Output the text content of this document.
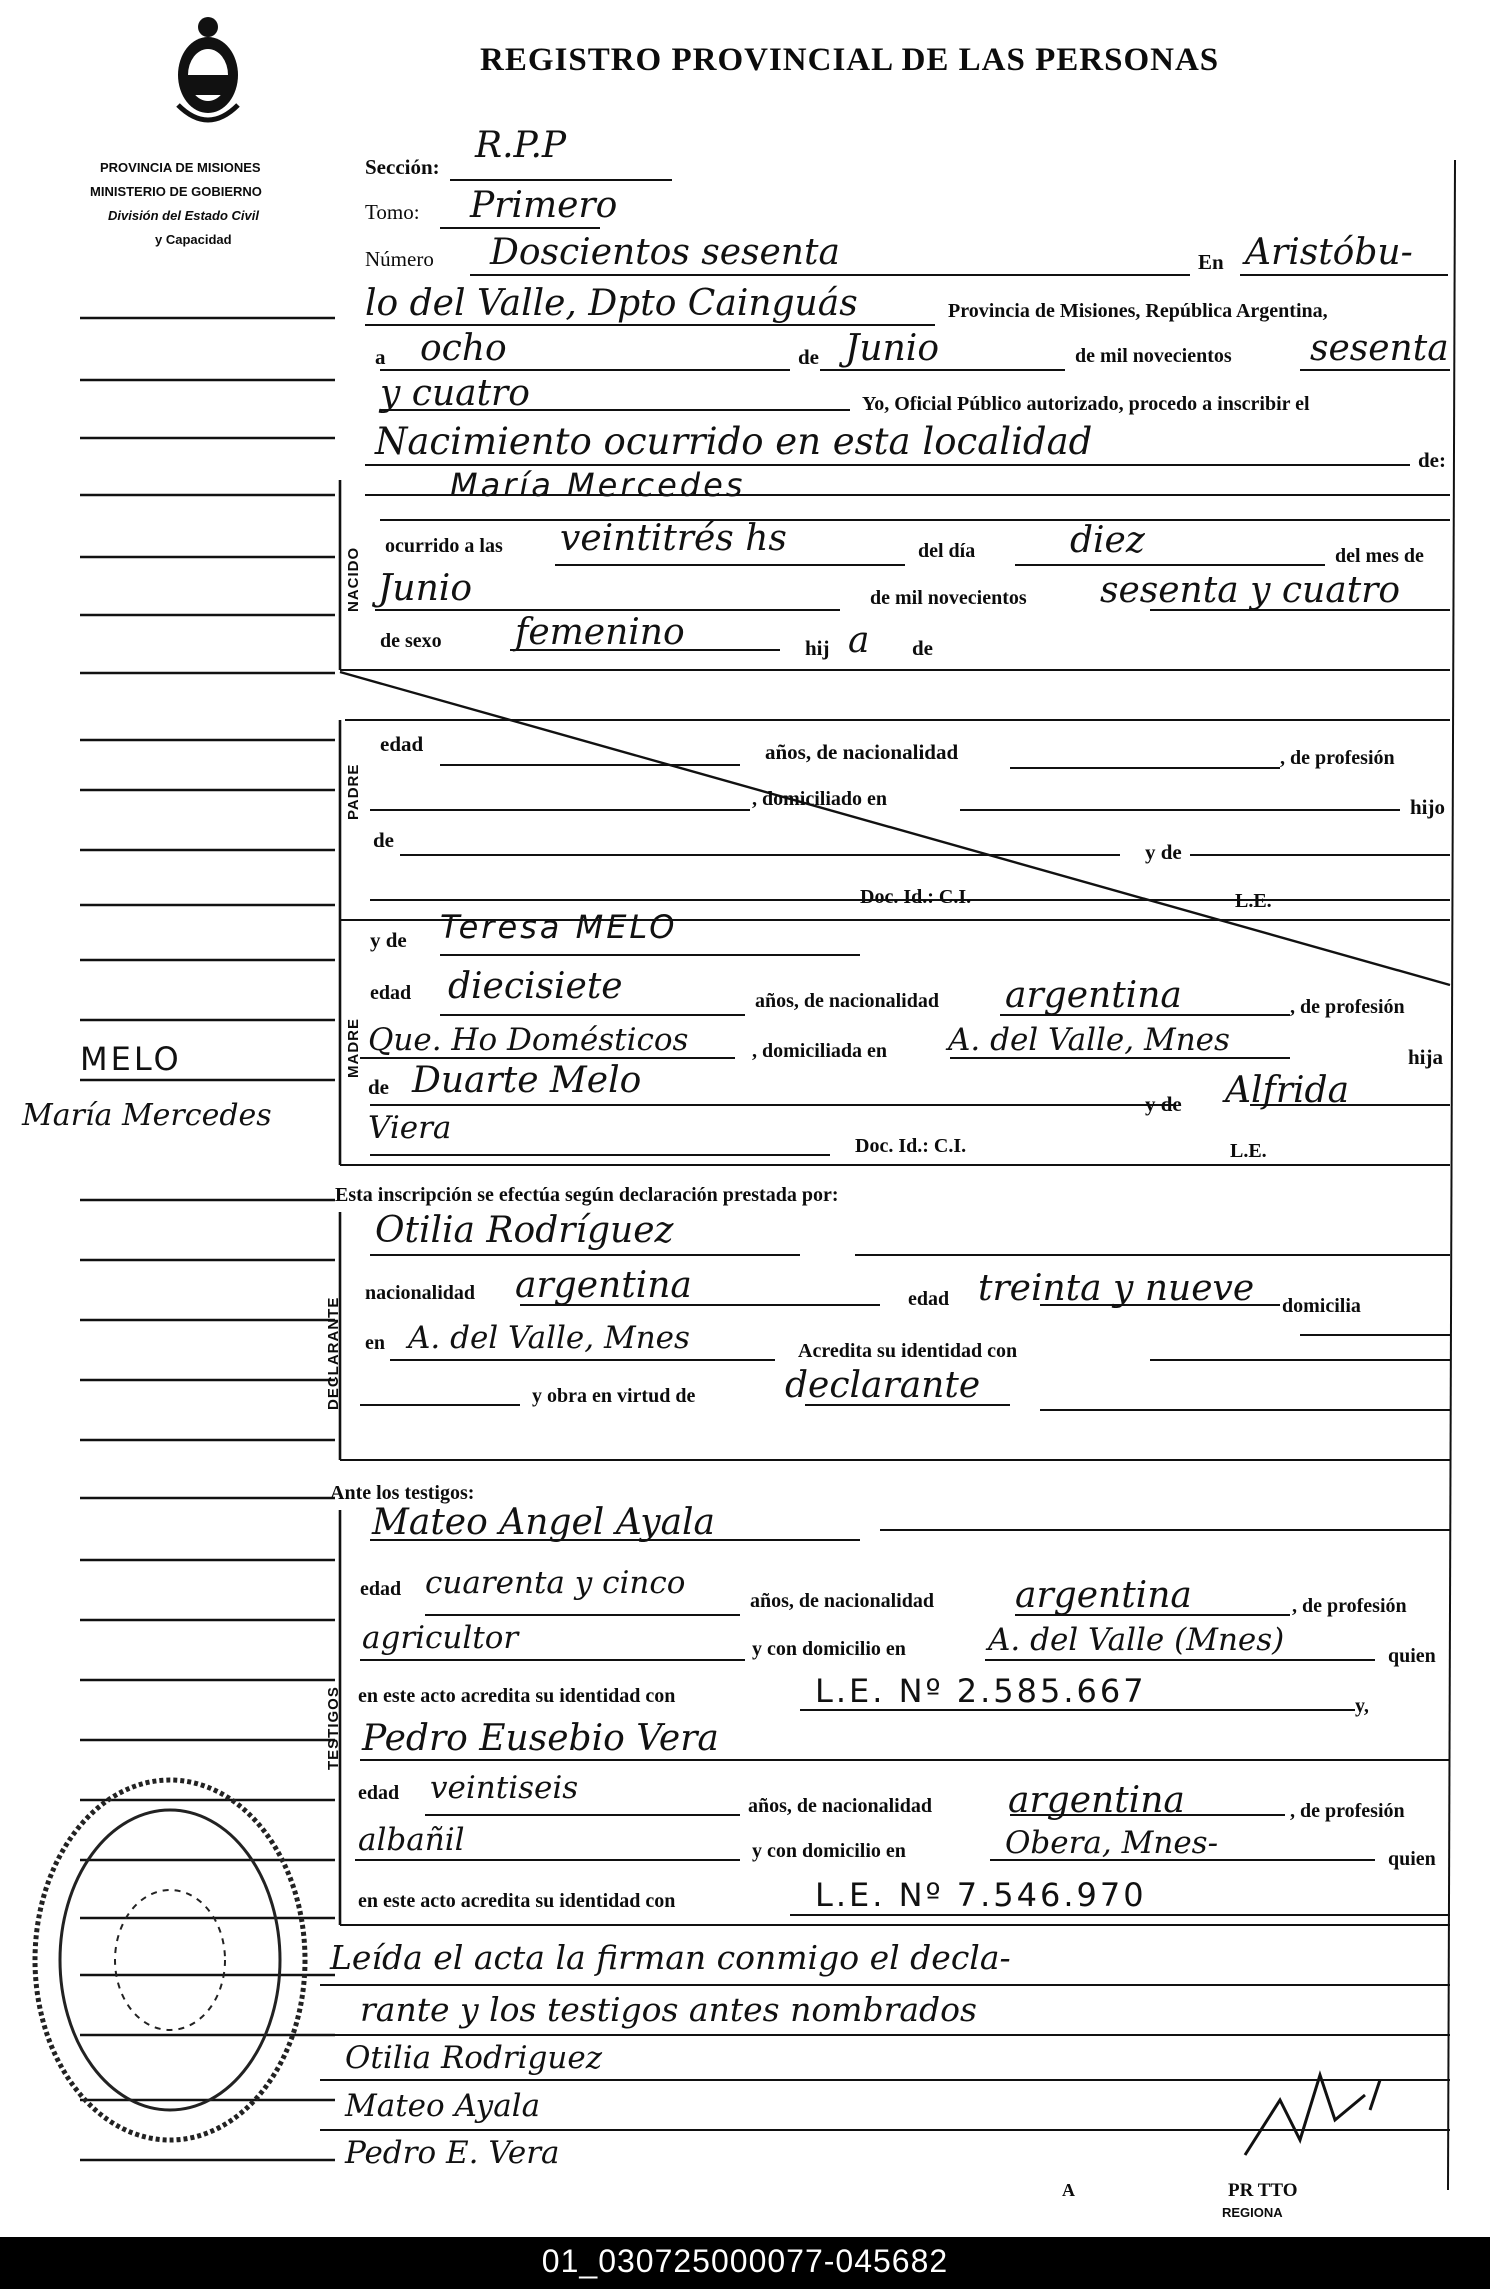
REGISTRO PROVINCIAL DE LAS PERSONAS
PROVINCIA DE MISIONES
MINISTERIO DE GOBIERNO
División del Estado Civil
y Capacidad
MELO
María Mercedes
Sección:
R.P.P
Tomo: Primero
Número Doscientos sesenta	En Aristóbu-
lo del Valle, Dpto Cainguás	Provincia de Misiones, República Argentina,
a ocho	de Junio	de mil novecientos sesenta
y cuatro	Yo, Oficial Público autorizado, procedo a inscribir el
Nacimiento ocurrido en esta localidad	de:
NACIDO
María Mercedes
ocurrido a las veintitrés hs	del día	diez	del mes de
Junio	de mil novecientos sesenta y cuatro
de sexo femenino	hij a de
PADRE
edad	años, de nacionalidad	, de profesión
, domiciliado en	hijo
de	y de
Doc. Id.: C.I.	L.E.
MADRE
y de Teresa MELO
edad diecisiete	años, de nacionalidad argentina	, de profesión
Que. Ho Domésticos	, domiciliada en A. del Valle, Mnes	hija
de Duarte Melo
y de Alfrida
Viera	Doc. Id.: C.I.	L.E.
Esta inscripción se efectúa según declaración prestada por:
DECLARANTE
Otilia Rodríguez
nacionalidad argentina	edad treinta y nueve domicilia
en A. del Valle, Mnes	Acredita su identidad con
y obra en virtud de declarante
Ante los testigos:
TESTIGOS
Mateo Angel Ayala
edad cuarenta y cinco	años, de nacionalidad argentina	, de profesión
agricultor	y con domicilio en	A. del Valle (Mnes)	quien
en este acto acredita su identidad con	L.E. Nº 2.585.667	y,
Pedro Eusebio Vera
edad veintiseis	años, de nacionalidad argentina	, de profesión
albañil	y con domicilio en	Obera, Mnes-	quien
en este acto acredita su identidad con	L.E. Nº 7.546.970
Leída el acta la firman conmigo el decla-
rante y los testigos antes nombrados
Otilia Rodriguez
Mateo Ayala
Pedro E. Vera
A	PR TTO
REGIONA
01_030725000077-045682
